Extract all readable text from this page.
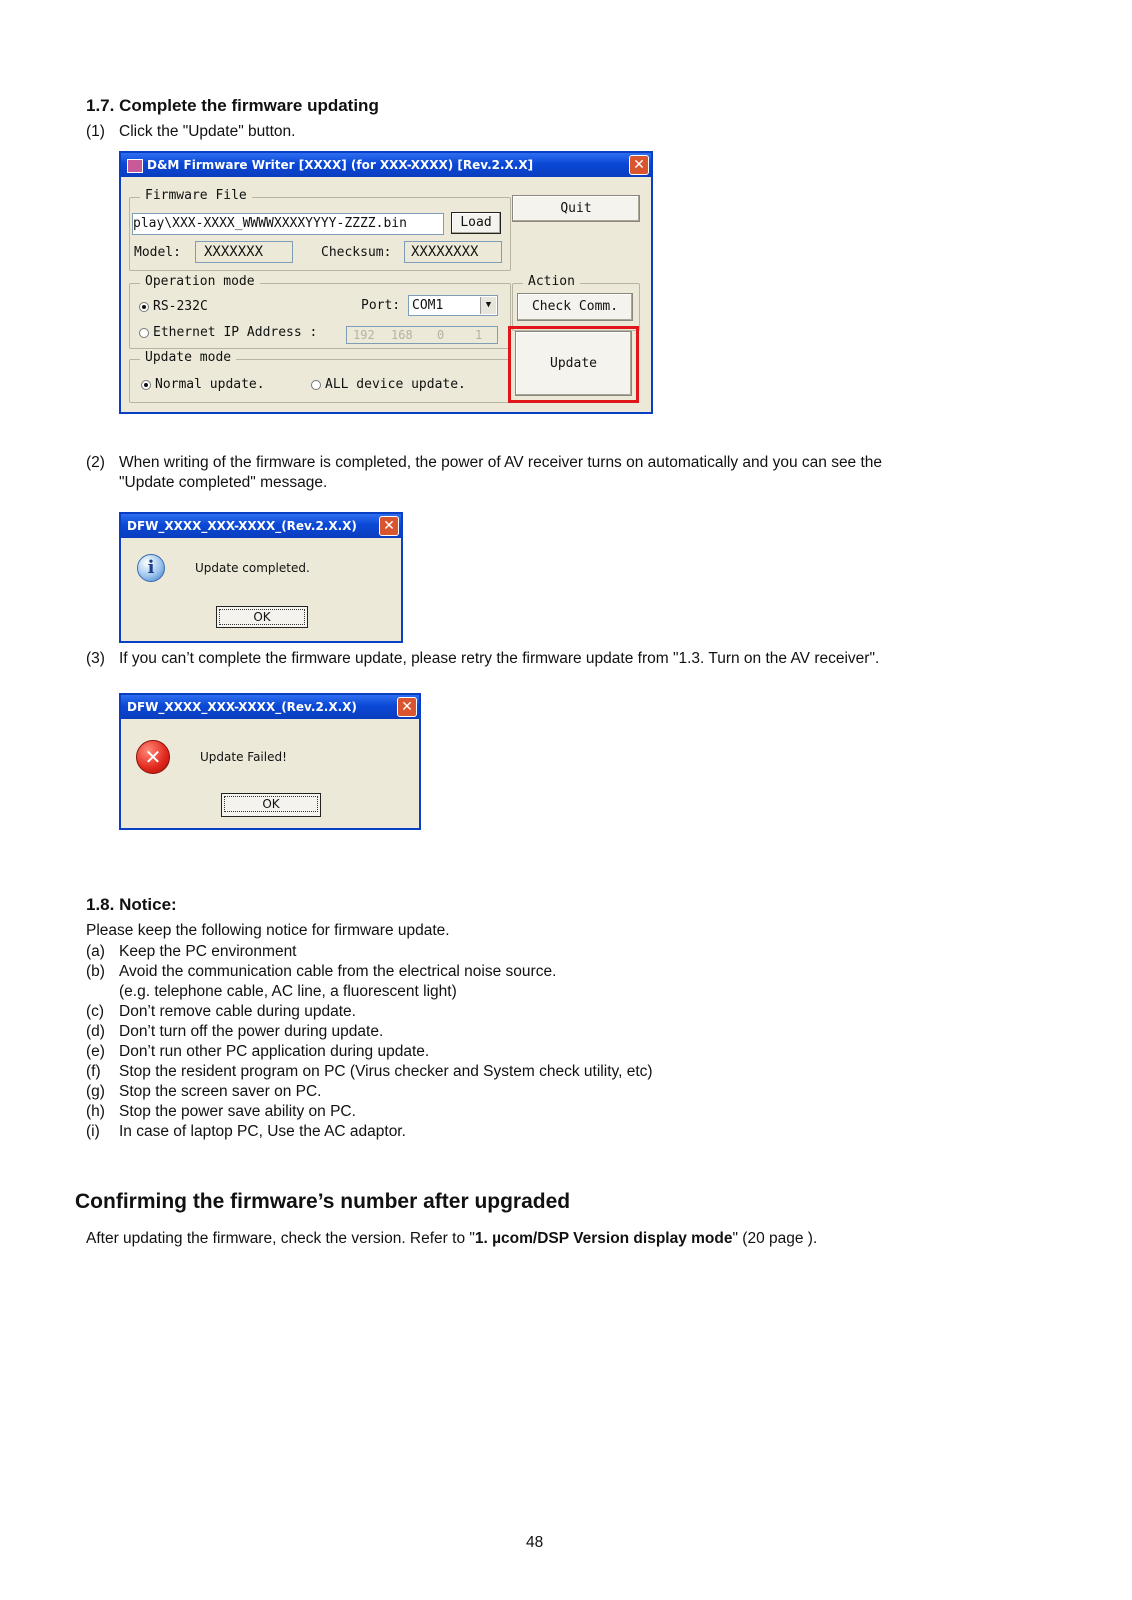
1.7. Complete the firmware updating
(1) Click the "Update" button.
D&M Firmware Writer [XXXX] (for XXX-XXXX) [Rev.2.X.X]	✕
Firmware File
play\XXX-XXXX_WWWWXXXXYYYY-ZZZZ.bin	Load
Model:	XXXXXXX	Checksum:	XXXXXXXX
Quit
Operation mode
RS-232C	Port: COM1	▼
Ethernet IP Address :	192 168 0	1
Action
Check Comm.
Update mode
Normal update.	ALL device update.
Update
(2) When writing of the firmware is completed, the power of AV receiver turns on automatically and you can see the
"Update completed" message.
DFW_XXXX_XXX-XXXX_(Rev.2.X.X) ✕
i	Update completed.
OK
(3) If you can’t complete the firmware update, please retry the firmware update from "1.3. Turn on the AV receiver".
DFW_XXXX_XXX-XXXX_(Rev.2.X.X)	✕
✕	Update Failed!
OK
1.8. Notice:
Please keep the following notice for firmware update.
(a) Keep the PC environment
(b) Avoid the communication cable from the electrical noise source.
(e.g. telephone cable, AC line, a fluorescent light)
(c) Don’t remove cable during update.
(d) Don’t turn off the power during update.
(e) Don’t run other PC application during update.
(f) Stop the resident program on PC (Virus checker and System check utility, etc)
(g) Stop the screen saver on PC.
(h) Stop the power save ability on PC.
(i) In case of laptop PC, Use the AC adaptor.
Confirming the firmware’s number after upgraded
After updating the firmware, check the version. Refer to "1. µcom/DSP Version display mode" (20 page ).
48
